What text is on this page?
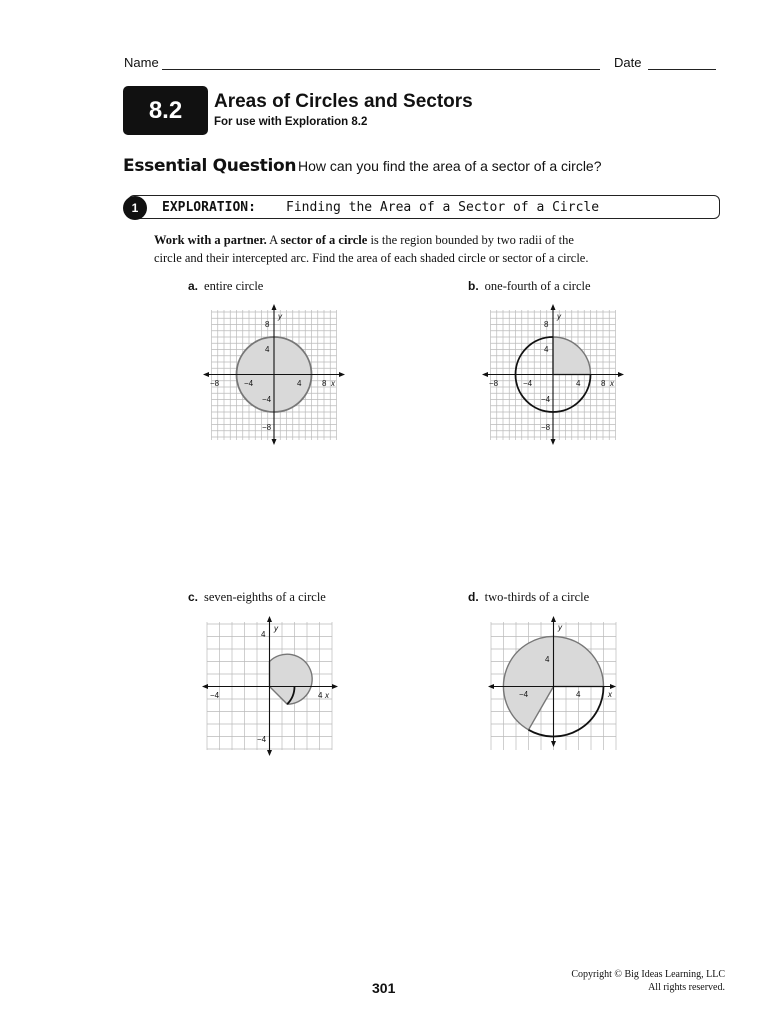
Name	Date
8.2	Areas of Circles and Sectors
For use with Exploration 8.2
Essential Question How can you find the area of a sector of a circle?
1	EXPLORATION: Finding the Area of a Sector of a Circle
Work with a partner. A sector of a circle is the region bounded by two radii of the
circle and their intercepted arc. Find the area of each shaded circle or sector of a circle.
a. entire circle	b. one-fourth of a circle
c. seven-eighths of a circle	d. two-thirds of a circle
−8	−4	4	8 x
y
8
4
−4
−8
−8	−4	4	8 x
y
8
4
−4
−8
−4	4 x
y
4
−4
−4	4	x
y
4
301
Copyright © Big Ideas Learning, LLC
All rights reserved.
